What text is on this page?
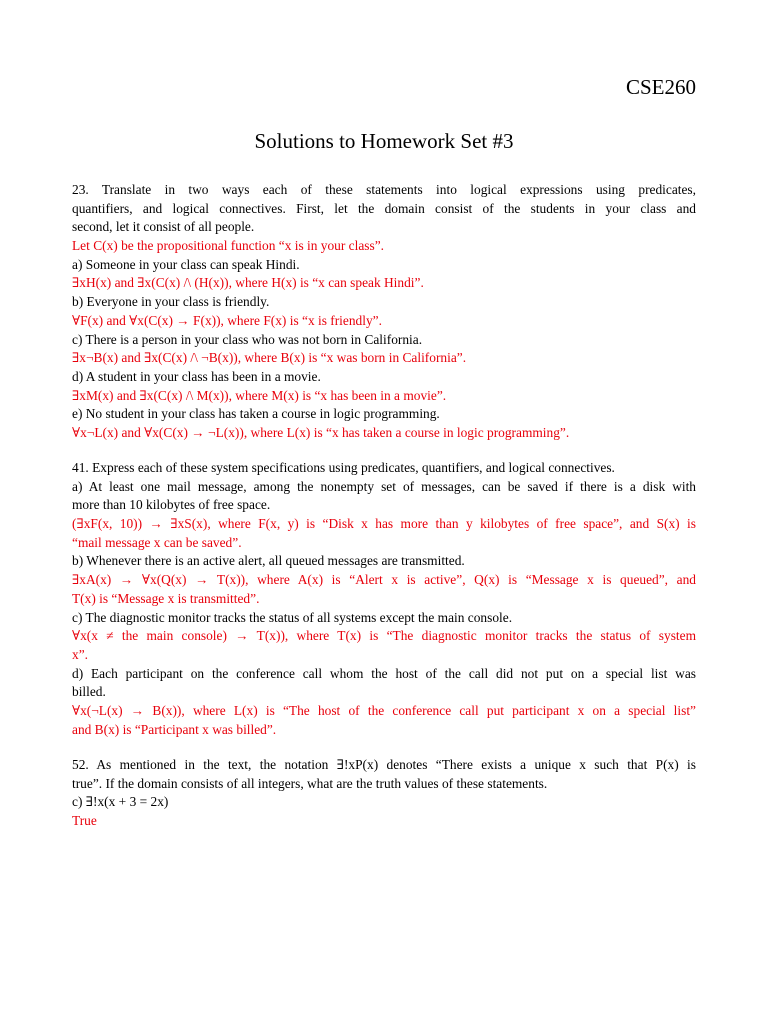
CSE260
Solutions to Homework Set #3
23. Translate in two ways each of these statements into logical expressions using predicates,
quantifiers, and logical connectives. First, let the domain consist of the students in your class and
second, let it consist of all people.
Let C(x) be the propositional function “x is in your class”.
a) Someone in your class can speak Hindi.
∃xH(x) and ∃x(C(x) /\ (H(x)), where H(x) is “x can speak Hindi”.
b) Everyone in your class is friendly.
∀F(x) and ∀x(C(x) → F(x)), where F(x) is “x is friendly”.
c) There is a person in your class who was not born in California.
∃x¬B(x) and ∃x(C(x) /\ ¬B(x)), where B(x) is “x was born in California”.
d) A student in your class has been in a movie.
∃xM(x) and ∃x(C(x) /\ M(x)), where M(x) is “x has been in a movie”.
e) No student in your class has taken a course in logic programming.
∀x¬L(x) and ∀x(C(x) → ¬L(x)), where L(x) is “x has taken a course in logic programming”.
41. Express each of these system specifications using predicates, quantifiers, and logical connectives.
a) At least one mail message, among the nonempty set of messages, can be saved if there is a disk with
more than 10 kilobytes of free space.
(∃xF(x, 10)) → ∃xS(x), where F(x, y) is “Disk x has more than y kilobytes of free space”, and S(x) is
“mail message x can be saved”.
b) Whenever there is an active alert, all queued messages are transmitted.
∃xA(x) → ∀x(Q(x) → T(x)), where A(x) is “Alert x is active”, Q(x) is “Message x is queued”, and
T(x) is “Message x is transmitted”.
c) The diagnostic monitor tracks the status of all systems except the main console.
∀x(x ≠ the main console) → T(x)), where T(x) is “The diagnostic monitor tracks the status of system
x”.
d) Each participant on the conference call whom the host of the call did not put on a special list was
billed.
∀x(¬L(x) → B(x)), where L(x) is “The host of the conference call put participant x on a special list”
and B(x) is “Participant x was billed”.
52. As mentioned in the text, the notation ∃!xP(x) denotes “There exists a unique x such that P(x) is
true”. If the domain consists of all integers, what are the truth values of these statements.
c) ∃!x(x + 3 = 2x)
True
